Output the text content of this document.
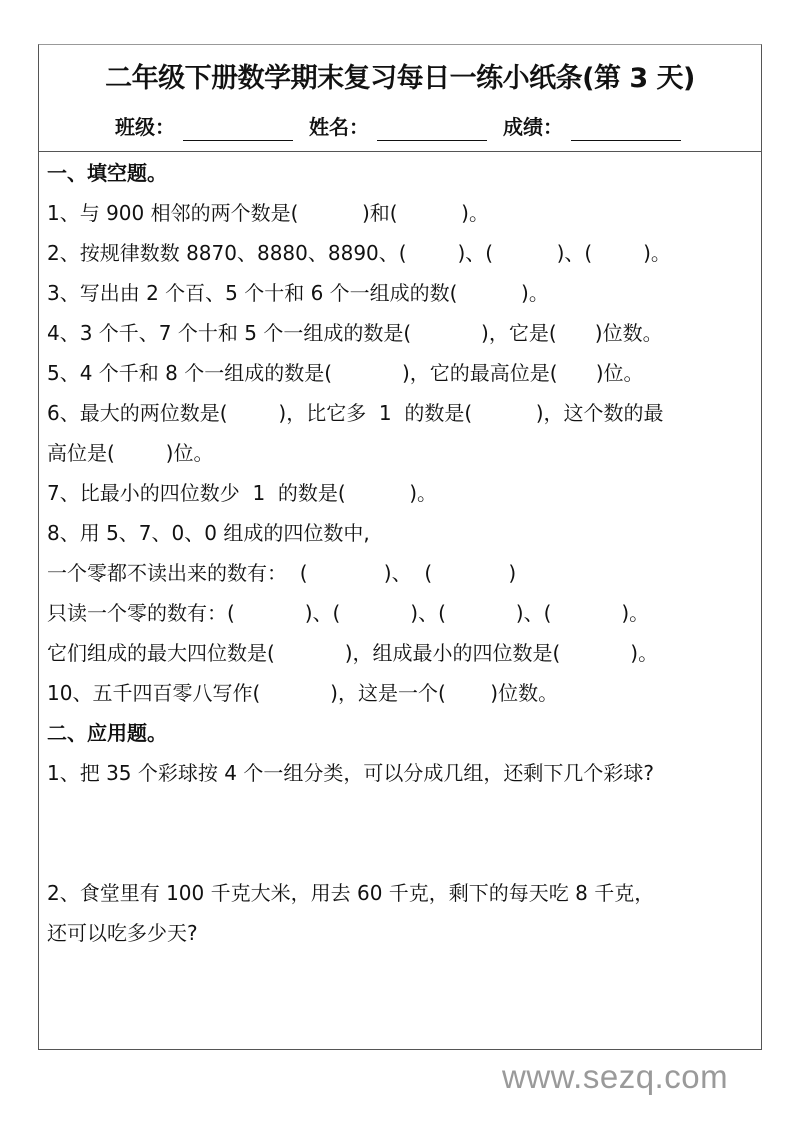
二年级下册数学期末复习每日一练小纸条(第 3 天)
班级：	姓名：	成绩：
一、填空题。
1、与 900 相邻的两个数是(          )和(          )。
2、按规律数数 8870、8880、8890、(        )、(          )、(        )。
3、写出由 2 个百、5 个十和 6 个一组成的数(          )。
4、3 个千、7 个十和 5 个一组成的数是(           )，它是(      )位数。
5、4 个千和 8 个一组成的数是(           )，它的最高位是(      )位。
6、最大的两位数是(        )，比它多  1  的数是(          )，这个数的最
高位是(        )位。
7、比最小的四位数少  1  的数是(          )。
8、用 5、7、0、0 组成的四位数中,
一个零都不读出来的数有：  (            )、  (            )
只读一个零的数有：(           )、(           )、(           )、(           )。
它们组成的最大四位数是(           )，组成最小的四位数是(           )。
10、五千四百零八写作(           )，这是一个(       )位数。
二、应用题。
1、把 35 个彩球按 4 个一组分类，可以分成几组，还剩下几个彩球?
2、食堂里有 100 千克大米，用去 60 千克，剩下的每天吃 8 千克，
还可以吃多少天?
www.sezq.com
